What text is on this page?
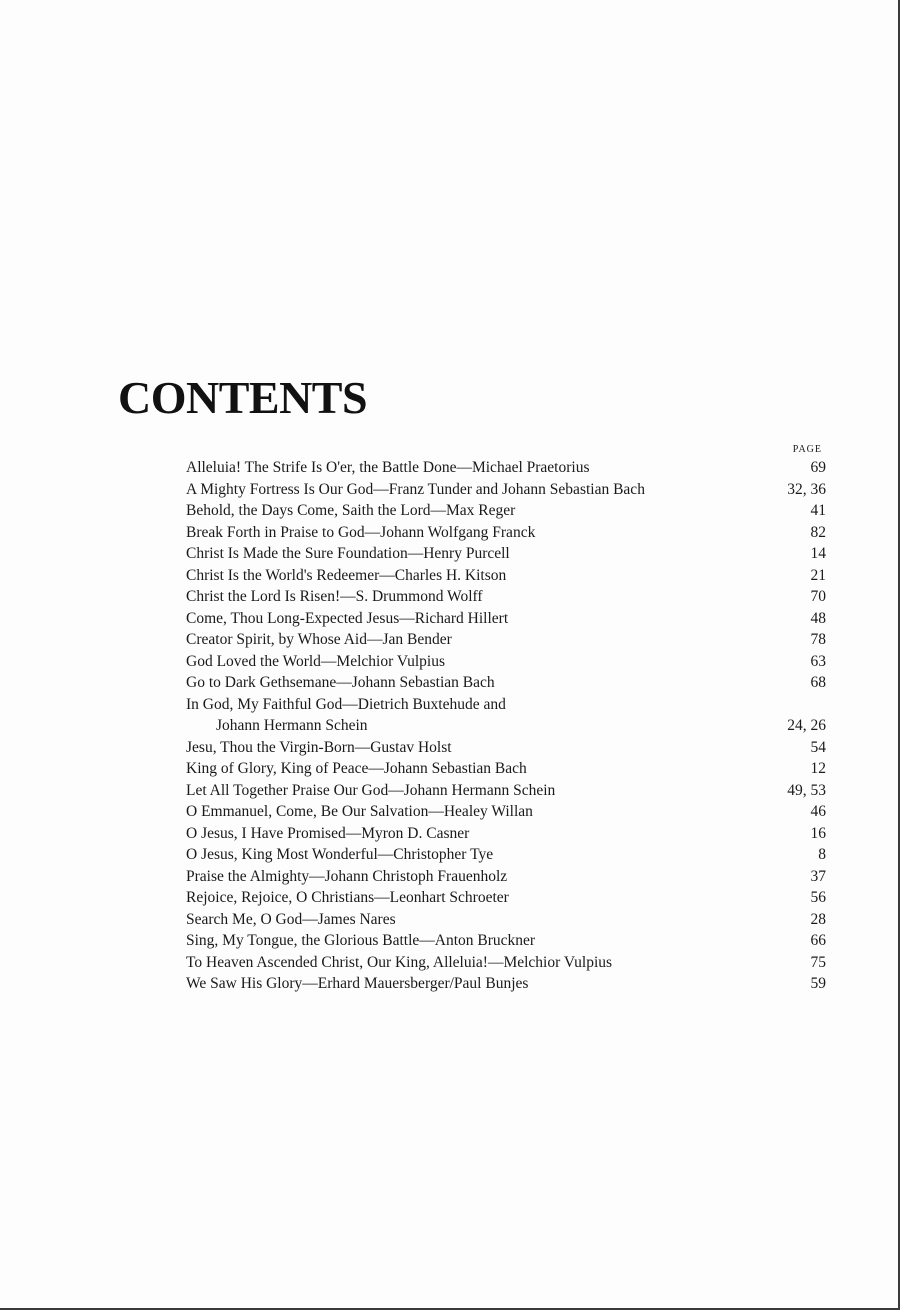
CONTENTS
PAGE
Alleluia! The Strife Is O'er, the Battle Done—Michael Praetorius	69
A Mighty Fortress Is Our God—Franz Tunder and Johann Sebastian Bach	32, 36
Behold, the Days Come, Saith the Lord—Max Reger	41
Break Forth in Praise to God—Johann Wolfgang Franck	82
Christ Is Made the Sure Foundation—Henry Purcell	14
Christ Is the World's Redeemer—Charles H. Kitson	21
Christ the Lord Is Risen!—S. Drummond Wolff	70
Come, Thou Long-Expected Jesus—Richard Hillert	48
Creator Spirit, by Whose Aid—Jan Bender	78
God Loved the World—Melchior Vulpius	63
Go to Dark Gethsemane—Johann Sebastian Bach	68
In God, My Faithful God—Dietrich Buxtehude and
Johann Hermann Schein	24, 26
Jesu, Thou the Virgin-Born—Gustav Holst	54
King of Glory, King of Peace—Johann Sebastian Bach	12
Let All Together Praise Our God—Johann Hermann Schein	49, 53
O Emmanuel, Come, Be Our Salvation—Healey Willan	46
O Jesus, I Have Promised—Myron D. Casner	16
O Jesus, King Most Wonderful—Christopher Tye	8
Praise the Almighty—Johann Christoph Frauenholz	37
Rejoice, Rejoice, O Christians—Leonhart Schroeter	56
Search Me, O God—James Nares	28
Sing, My Tongue, the Glorious Battle—Anton Bruckner	66
To Heaven Ascended Christ, Our King, Alleluia!—Melchior Vulpius	75
We Saw His Glory—Erhard Mauersberger/Paul Bunjes	59
